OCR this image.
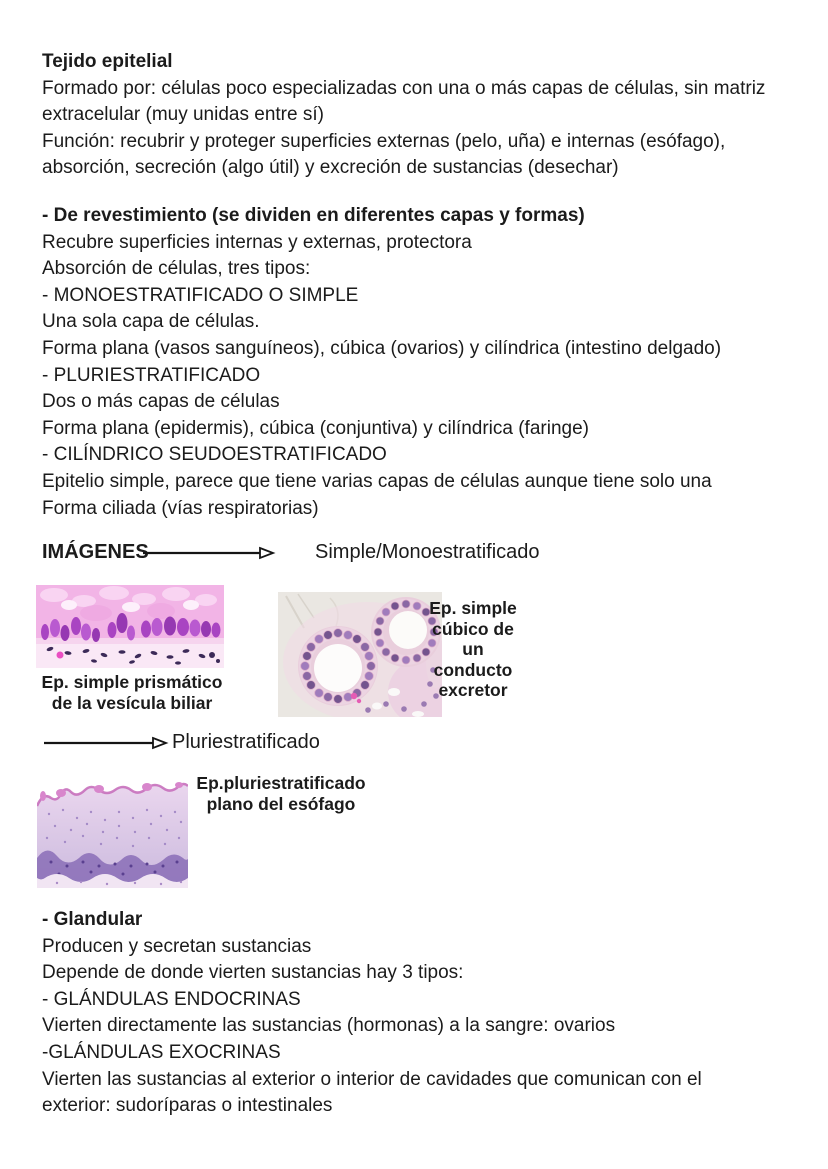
Tejido epitelial
Formado por: células poco especializadas con una o más capas de células, sin matriz
extracelular (muy unidas entre sí)
Función: recubrir y proteger superficies externas (pelo, uña) e internas (esófago),
absorción, secreción (algo útil) y excreción de sustancias (desechar)
- De revestimiento (se dividen en diferentes capas y formas)
Recubre superficies internas y externas, protectora
Absorción de células, tres tipos:
- MONOESTRATIFICADO O SIMPLE
Una sola capa de células.
Forma plana (vasos sanguíneos), cúbica (ovarios) y cilíndrica (intestino delgado)
- PLURIESTRATIFICADO
Dos o más capas de células
Forma plana (epidermis), cúbica (conjuntiva) y cilíndrica (faringe)
- CILÍNDRICO SEUDOESTRATIFICADO
Epitelio simple, parece que tiene varias capas de células aunque tiene solo una
Forma ciliada (vías respiratorias)
IMÁGENES	Simple/Monoestratificado
Ep. simple prismático
de la vesícula biliar
Ep. simple
cúbico de
un
conducto
excretor
Pluriestratificado
Ep.pluriestratificado
plano del esófago
- Glandular
Producen y secretan sustancias
Depende de donde vierten sustancias hay 3 tipos:
- GLÁNDULAS ENDOCRINAS
Vierten directamente las sustancias (hormonas) a la sangre: ovarios
-GLÁNDULAS EXOCRINAS
Vierten las sustancias al exterior o interior de cavidades que comunican con el
exterior: sudoríparas o intestinales
